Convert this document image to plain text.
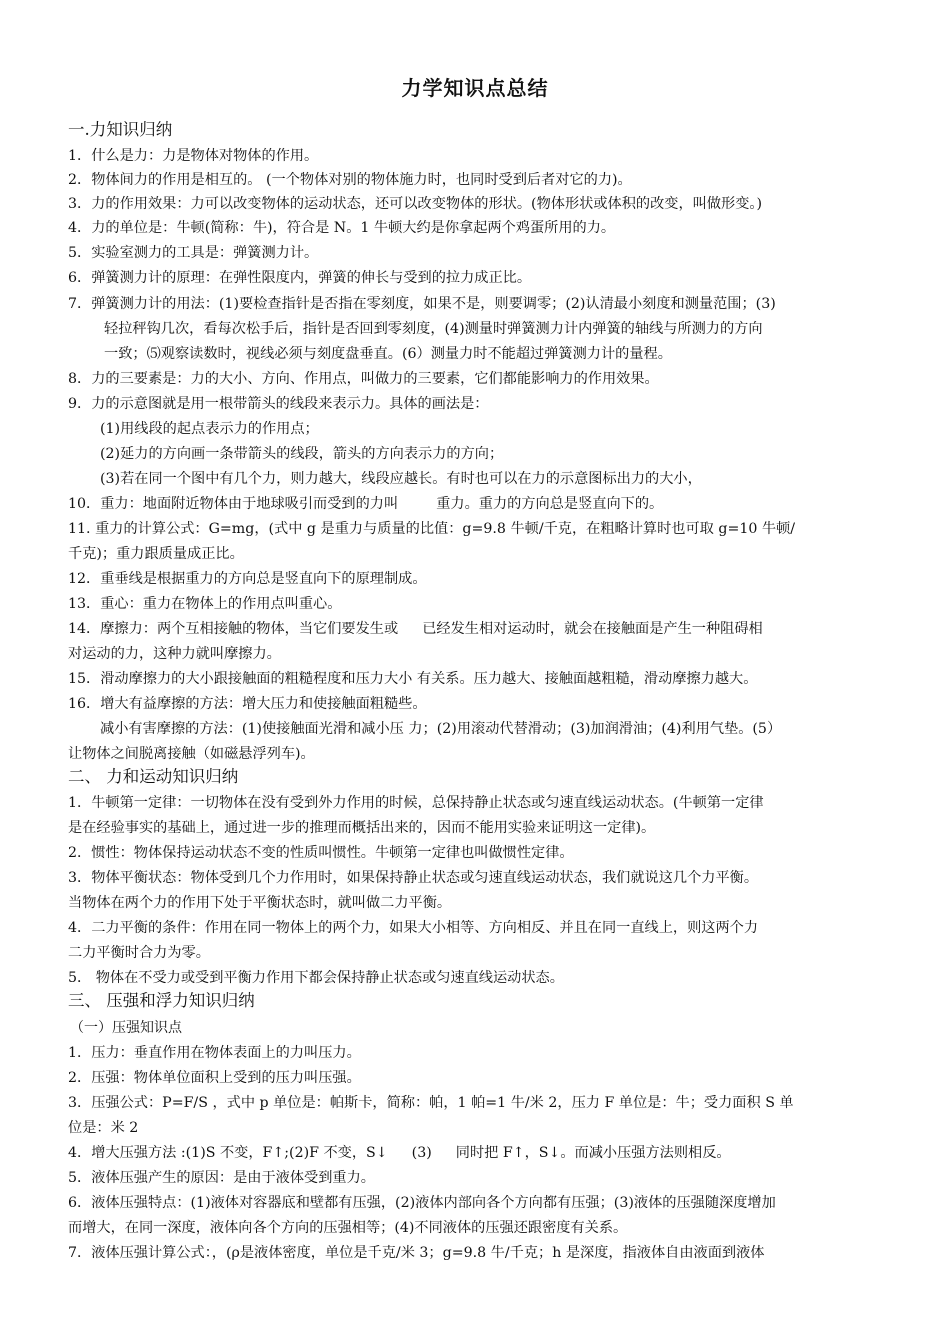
力学知识点总结
一.力知识归纳
1．什么是力：力是物体对物体的作用。
2．物体间力的作用是相互的。 (一个物体对别的物体施力时，也同时受到后者对它的力)。
3．力的作用效果：力可以改变物体的运动状态，还可以改变物体的形状。(物体形状或体积的改变，叫做形变。)
4．力的单位是：牛顿(简称：牛)，符合是 N。1 牛顿大约是你拿起两个鸡蛋所用的力。
5．实验室测力的工具是：弹簧测力计。
6．弹簧测力计的原理：在弹性限度内，弹簧的伸长与受到的拉力成正比。
7．弹簧测力计的用法：(1)要检查指针是否指在零刻度，如果不是，则要调零；(2)认清最小刻度和测量范围；(3)
轻拉秤钩几次，看每次松手后，指针是否回到零刻度，(4)测量时弹簧测力计内弹簧的轴线与所测力的方向
一致；⑸观察读数时，视线必须与刻度盘垂直。(6）测量力时不能超过弹簧测力计的量程。
8．力的三要素是：力的大小、方向、作用点，叫做力的三要素，它们都能影响力的作用效果。
9．力的示意图就是用一根带箭头的线段来表示力。具体的画法是：
(1)用线段的起点表示力的作用点；
(2)延力的方向画一条带箭头的线段，箭头的方向表示力的方向；
(3)若在同一个图中有几个力，则力越大，线段应越长。有时也可以在力的示意图标出力的大小，
10．重力：地面附近物体由于地球吸引而受到的力叫	重力。重力的方向总是竖直向下的。
11. 重力的计算公式：G=mg，(式中 g 是重力与质量的比值：g=9.8 牛顿/千克，在粗略计算时也可取 g=10 牛顿/
千克)；重力跟质量成正比。
12．重垂线是根据重力的方向总是竖直向下的原理制成。
13．重心：重力在物体上的作用点叫重心。
14．摩擦力：两个互相接触的物体，当它们要发生或 已经发生相对运动时，就会在接触面是产生一种阻碍相
对运动的力，这种力就叫摩擦力。
15．滑动摩擦力的大小跟接触面的粗糙程度和压力大小 有关系。压力越大、接触面越粗糙，滑动摩擦力越大。
16．增大有益摩擦的方法：增大压力和使接触面粗糙些。
减小有害摩擦的方法：(1)使接触面光滑和减小压 力；(2)用滚动代替滑动；(3)加润滑油；(4)利用气垫。(5）
让物体之间脱离接触（如磁悬浮列车)。
二、 力和运动知识归纳
1．牛顿第一定律：一切物体在没有受到外力作用的时候，总保持静止状态或匀速直线运动状态。(牛顿第一定律
是在经验事实的基础上，通过进一步的推理而概括出来的，因而不能用实验来证明这一定律)。
2．惯性：物体保持运动状态不变的性质叫惯性。牛顿第一定律也叫做惯性定律。
3．物体平衡状态：物体受到几个力作用时，如果保持静止状态或匀速直线运动状态，我们就说这几个力平衡。
当物体在两个力的作用下处于平衡状态时，就叫做二力平衡。
4．二力平衡的条件：作用在同一物体上的两个力，如果大小相等、方向相反、并且在同一直线上，则这两个力
二力平衡时合力为零。
5． 物体在不受力或受到平衡力作用下都会保持静止状态或匀速直线运动状态。
三、 压强和浮力知识归纳
（一）压强知识点
1．压力：垂直作用在物体表面上的力叫压力。
2．压强：物体单位面积上受到的压力叫压强。
3．压强公式：P=F/S ，式中 p 单位是：帕斯卡，简称：帕，1 帕=1 牛/米 2，压力 F 单位是：牛；受力面积 S 单
位是：米 2
4．增大压强方法 :(1)S 不变，F↑;(2)F 不变，S↓ (3) 同时把 F↑，S↓。而减小压强方法则相反。
5．液体压强产生的原因：是由于液体受到重力。
6．液体压强特点：(1)液体对容器底和壁都有压强，(2)液体内部向各个方向都有压强；(3)液体的压强随深度增加
而增大，在同一深度，液体向各个方向的压强相等；(4)不同液体的压强还跟密度有关系。
7．液体压强计算公式：，(ρ是液体密度，单位是千克/米 3；g=9.8 牛/千克；h 是深度，指液体自由液面到液体
